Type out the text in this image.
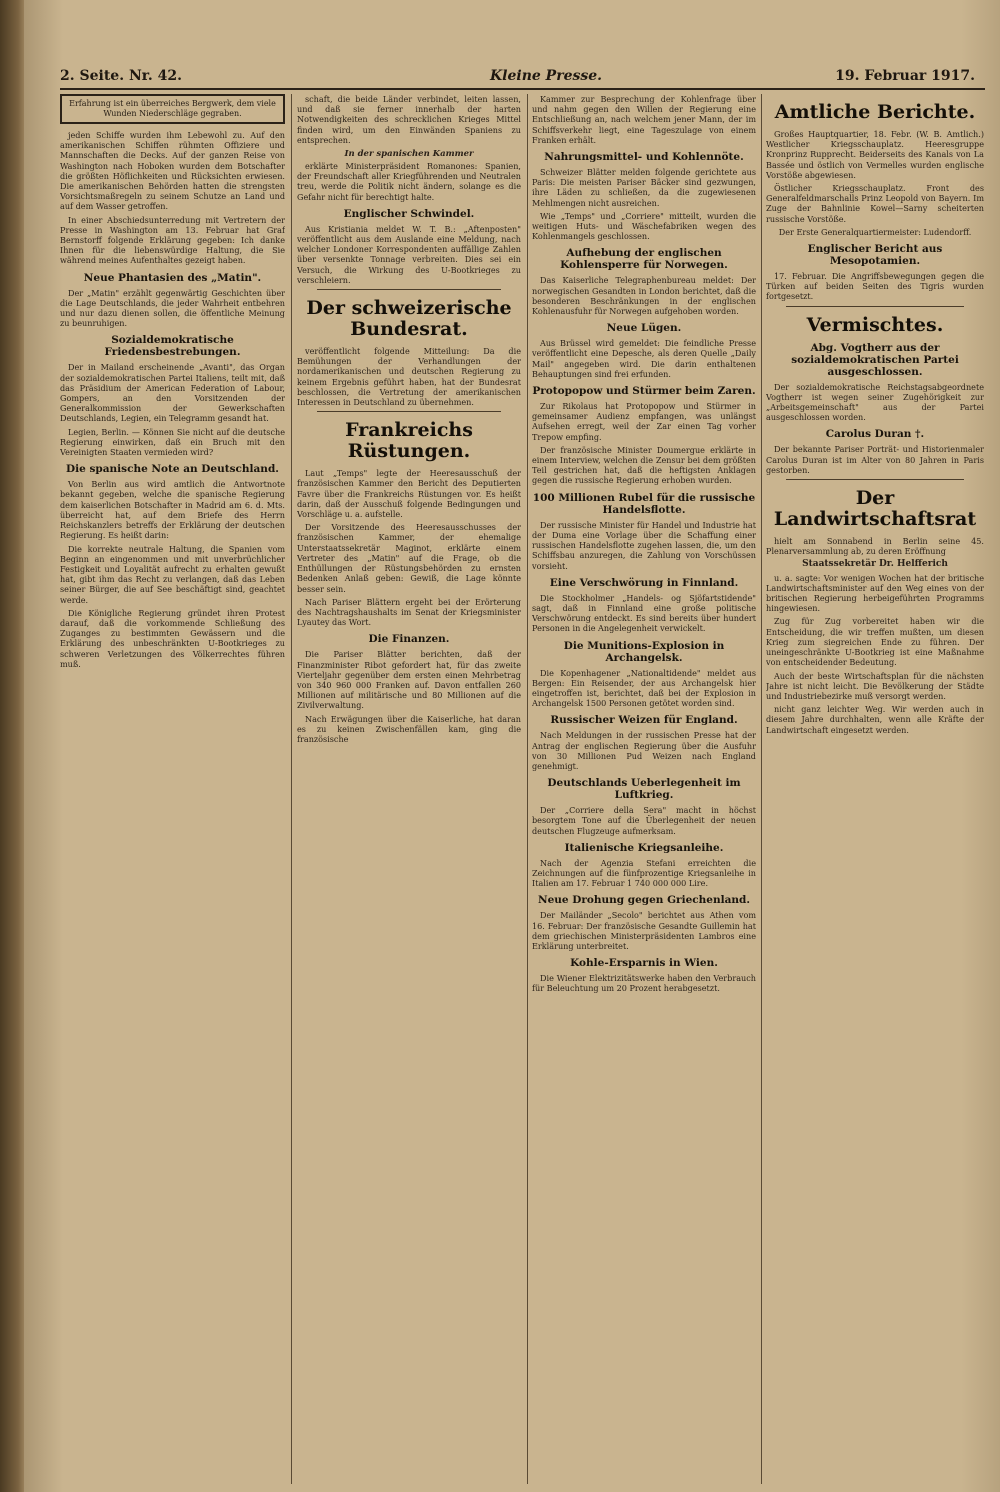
2. Seite. Nr. 42.	Kleine Presse.	19. Februar 1917.
Erfahrung ist ein überreiches Bergwerk, dem viele Wunden Niederschläge gegraben.

jeden Schiffe wurden ihm Lebewohl zu. Auf den amerikanischen Schiffen rühmten Offiziere und Mannschaften die Decks. Auf der ganzen Reise von Washington nach Hoboken wurden dem Botschafter die größten Höflichkeiten und Rücksichten erwiesen. Die amerikanischen Behörden hatten die strengsten Vorsichtsmaßregeln zu seinem Schutze an Land und auf dem Wasser getroffen.

In einer Abschiedsunterredung mit Vertretern der Presse in Washington am 13. Februar hat Graf Bernstorff folgende Erklärung gegeben: Ich danke Ihnen für die liebenswürdige Haltung, die Sie während meines Aufenthaltes gezeigt haben.

Neue Phantasien des „Matin".

Der „Matin" erzählt gegenwärtig Geschichten über die Lage Deutschlands, die jeder Wahrheit entbehren und nur dazu dienen sollen, die öffentliche Meinung zu beunruhigen.

Sozialdemokratische Friedensbestrebungen.

Der in Mailand erscheinende „Avanti", das Organ der sozialdemokratischen Partei Italiens, teilt mit, daß das Präsidium der American Federation of Labour, Gompers, an den Vorsitzenden der Generalkommission der Gewerkschaften Deutschlands, Legien, ein Telegramm gesandt hat.

Legien, Berlin. — Können Sie nicht auf die deutsche Regierung einwirken, daß ein Bruch mit den Vereinigten Staaten vermieden wird?

Die spanische Note an Deutschland.

Von Berlin aus wird amtlich die Antwortnote bekannt gegeben, welche die spanische Regierung dem kaiserlichen Botschafter in Madrid am 6. d. Mts. überreicht hat, auf dem Briefe des Herrn Reichskanzlers betreffs der Erklärung der deutschen Regierung. Es heißt darin:

Die korrekte neutrale Haltung, die Spanien vom Beginn an eingenommen und mit unverbrüchlicher Festigkeit und Loyalität aufrecht zu erhalten gewußt hat, gibt ihm das Recht zu verlangen, daß das Leben seiner Bürger, die auf See beschäftigt sind, geachtet werde.

Die Königliche Regierung gründet ihren Protest darauf, daß die vorkommende Schließung des Zuganges zu bestimmten Gewässern und die Erklärung des unbeschränkten U-Bootkrieges zu schweren Verletzungen des Völkerrechtes führen muß.

schaft, die beide Länder verbindet, leiten lassen, und daß sie ferner innerhalb der harten Notwendigkeiten des schrecklichen Krieges Mittel finden wird, um den Einwänden Spaniens zu entsprechen.

In der spanischen Kammer

erklärte Ministerpräsident Romanones: Spanien, der Freundschaft aller Kriegführenden und Neutralen treu, werde die Politik nicht ändern, solange es die Gefahr nicht für berechtigt halte.

Englischer Schwindel.

Aus Kristiania meldet W. T. B.: „Aftenposten" veröffentlicht aus dem Auslande eine Meldung, nach welcher Londoner Korrespondenten auffällige Zahlen über versenkte Tonnage verbreiten. Dies sei ein Versuch, die Wirkung des U-Bootkrieges zu verschleiern.

Der schweizerische Bundesrat.

veröffentlicht folgende Mitteilung: Da die Bemühungen der Verhandlungen der nordamerikanischen und deutschen Regierung zu keinem Ergebnis geführt haben, hat der Bundesrat beschlossen, die Vertretung der amerikanischen Interessen in Deutschland zu übernehmen.

Frankreichs Rüstungen.

Laut „Temps" legte der Heeresausschuß der französischen Kammer den Bericht des Deputierten Favre über die Frankreichs Rüstungen vor. Es heißt darin, daß der Ausschuß folgende Bedingungen und Vorschläge u. a. aufstelle.

Der Vorsitzende des Heeresausschusses der französischen Kammer, der ehemalige Unterstaatssekretär Maginot, erklärte einem Vertreter des „Matin" auf die Frage, ob die Enthüllungen der Rüstungsbehörden zu ernsten Bedenken Anlaß geben: Gewiß, die Lage könnte besser sein.

Nach Pariser Blättern ergeht bei der Erörterung des Nachtragshaushalts im Senat der Kriegsminister Lyautey das Wort.

Die Finanzen.

Die Pariser Blätter berichten, daß der Finanzminister Ribot gefordert hat, für das zweite Vierteljahr gegenüber dem ersten einen Mehrbetrag von 340 960 000 Franken auf. Davon entfallen 260 Millionen auf militärische und 80 Millionen auf die Zivilverwaltung.

Nach Erwägungen über die Kaiserliche, hat daran es zu keinen Zwischenfällen kam, ging die französische

Kammer zur Besprechung der Kohlenfrage über und nahm gegen den Willen der Regierung eine Entschließung an, nach welchem jener Mann, der im Schiffsverkehr liegt, eine Tageszulage von einem Franken erhält.

Nahrungsmittel- und Kohlennöte.

Schweizer Blätter melden folgende gerichtete aus Paris: Die meisten Pariser Bäcker sind gezwungen, ihre Läden zu schließen, da die zugewiesenen Mehlmengen nicht ausreichen.

Wie „Temps" und „Corriere" mitteilt, wurden die weitigen Huts- und Wäschefabriken wegen des Kohlenmangels geschlossen.

Aufhebung der englischen Kohlensperre für Norwegen.

Das Kaiserliche Telegraphenbureau meldet: Der norwegischen Gesandten in London berichtet, daß die besonderen Beschränkungen in der englischen Kohlenausfuhr für Norwegen aufgehoben worden.

Neue Lügen.

Aus Brüssel wird gemeldet: Die feindliche Presse veröffentlicht eine Depesche, als deren Quelle „Daily Mail" angegeben wird. Die darin enthaltenen Behauptungen sind frei erfunden.

Protopopow und Stürmer beim Zaren.

Zur Rikolaus hat Protopopow und Stürmer in gemeinsamer Audienz empfangen, was unlängst Aufsehen erregt, weil der Zar einen Tag vorher Trepow empfing.

Der französische Minister Doumergue erklärte in einem Interview, welchen die Zensur bei dem größten Teil gestrichen hat, daß die heftigsten Anklagen gegen die russische Regierung erhoben wurden.

100 Millionen Rubel für die russische Handelsflotte.

Der russische Minister für Handel und Industrie hat der Duma eine Vorlage über die Schaffung einer russischen Handelsflotte zugehen lassen, die, um den Schiffsbau anzuregen, die Zahlung von Vorschüssen vorsieht.

Eine Verschwörung in Finnland.

Die Stockholmer „Handels- og Sjöfartstidende" sagt, daß in Finnland eine große politische Verschwörung entdeckt. Es sind bereits über hundert Personen in die Angelegenheit verwickelt.

Die Munitions-Explosion in Archangelsk.

Die Kopenhagener „Nationaltidende" meldet aus Bergen: Ein Reisender, der aus Archangelsk hier eingetroffen ist, berichtet, daß bei der Explosion in Archangelsk 1500 Personen getötet worden sind.

Russischer Weizen für England.

Nach Meldungen in der russischen Presse hat der Antrag der englischen Regierung über die Ausfuhr von 30 Millionen Pud Weizen nach England genehmigt.

Deutschlands Ueberlegenheit im Luftkrieg.

Der „Corriere della Sera" macht in höchst besorgtem Tone auf die Überlegenheit der neuen deutschen Flugzeuge aufmerksam.

Italienische Kriegsanleihe.

Nach der Agenzia Stefani erreichten die Zeichnungen auf die fünfprozentige Kriegsanleihe in Italien am 17. Februar 1 740 000 000 Lire.

Neue Drohung gegen Griechenland.

Der Mailänder „Secolo" berichtet aus Athen vom 16. Februar: Der französische Gesandte Guillemin hat dem griechischen Ministerpräsidenten Lambros eine Erklärung unterbreitet.

Kohle-Ersparnis in Wien.

Die Wiener Elektrizitätswerke haben den Verbrauch für Beleuchtung um 20 Prozent herabgesetzt.

Amtliche Berichte.

Großes Hauptquartier, 18. Febr. (W. B. Amtlich.) Westlicher Kriegsschauplatz. Heeresgruppe Kronprinz Rupprecht. Beiderseits des Kanals von La Bassée und östlich von Vermelles wurden englische Vorstöße abgewiesen.

Östlicher Kriegsschauplatz. Front des Generalfeldmarschalls Prinz Leopold von Bayern. Im Zuge der Bahnlinie Kowel—Sarny scheiterten russische Vorstöße.

Der Erste Generalquartiermeister: Ludendorff.

Englischer Bericht aus Mesopotamien.

17. Februar. Die Angriffsbewegungen gegen die Türken auf beiden Seiten des Tigris wurden fortgesetzt.

Vermischtes.
Abg. Vogtherr aus der sozialdemokratischen Partei ausgeschlossen.

Der sozialdemokratische Reichstagsabgeordnete Vogtherr ist wegen seiner Zugehörigkeit zur „Arbeitsgemeinschaft" aus der Partei ausgeschlossen worden.

Carolus Duran †.

Der bekannte Pariser Porträt- und Historienmaler Carolus Duran ist im Alter von 80 Jahren in Paris gestorben.

Der Landwirtschaftsrat

hielt am Sonnabend in Berlin seine 45. Plenarversammlung ab, zu deren Eröffnung

Staatssekretär Dr. Helfferich

u. a. sagte: Vor wenigen Wochen hat der britische Landwirtschaftsminister auf den Weg eines von der britischen Regierung herbeigeführten Programms hingewiesen.

Zug für Zug vorbereitet haben wir die Entscheidung, die wir treffen mußten, um diesen Krieg zum siegreichen Ende zu führen. Der uneingeschränkte U-Bootkrieg ist eine Maßnahme von entscheidender Bedeutung.

Auch der beste Wirtschaftsplan für die nächsten Jahre ist nicht leicht. Die Bevölkerung der Städte und Industriebezirke muß versorgt werden.

nicht ganz leichter Weg. Wir werden auch in diesem Jahre durchhalten, wenn alle Kräfte der Landwirtschaft eingesetzt werden.
